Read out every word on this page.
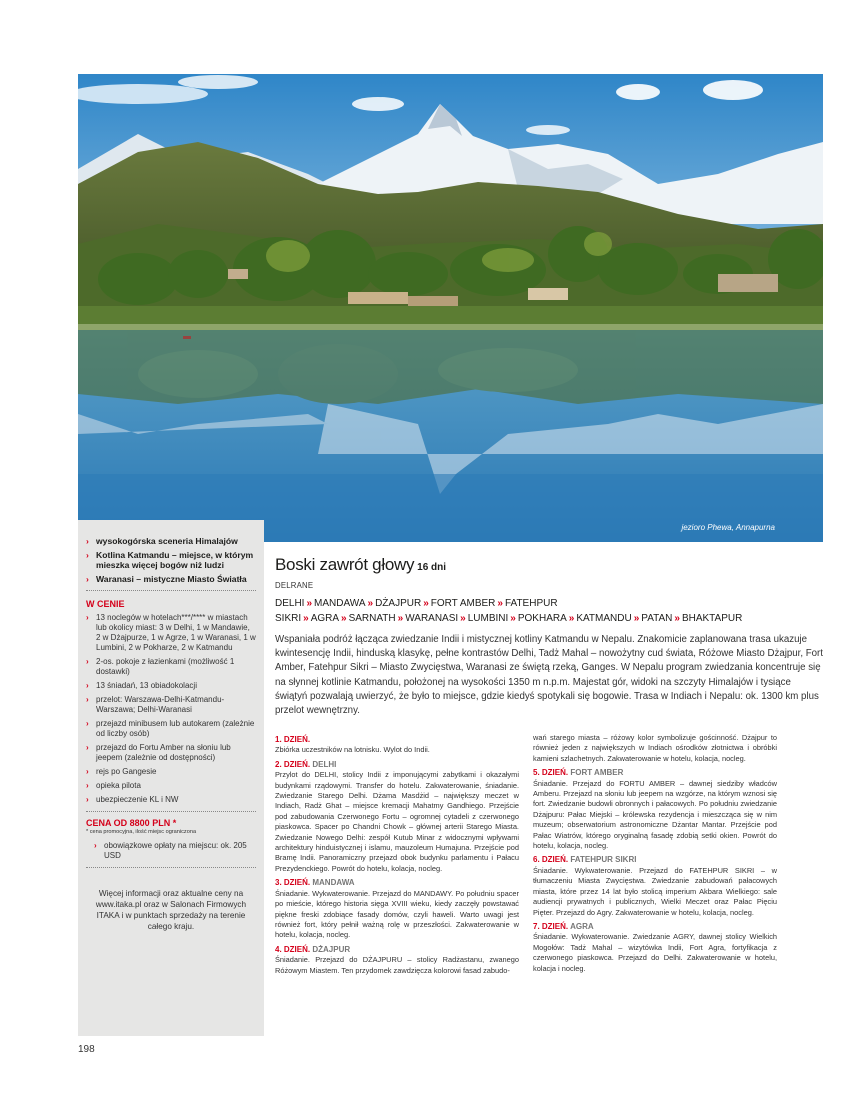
jezioro Phewa, Annapurna
› wysokogórska sceneria Himalajów
› Kotlina Katmandu – miejsce, w którym mieszka więcej bogów niż ludzi
› Waranasi – mistyczne Miasto Światła
W CENIE
› 13 noclegów w hotelach***/**** w miastach lub okolicy miast: 3 w Delhi, 1 w Mandawie, 2 w Dżajpurze, 1 w Agrze, 1 w Waranasi, 1 w Lumbini, 2 w Pokharze, 2 w Katmandu
› 2-os. pokoje z łazienkami (możliwość 1 dostawki)
› 13 śniadań, 13 obiadokolacji
› przelot: Warszawa-Delhi-Katmandu-Warszawa; Delhi-Waranasi
› przejazd minibusem lub autokarem (zależnie od liczby osób)
› przejazd do Fortu Amber na słoniu lub jeepem (zależnie od dostępności)
› rejs po Gangesie
› opieka pilota
› ubezpieczenie KL i NW
CENA OD 8800 PLN *
* cena promocyjna, ilość miejsc ograniczona
› obowiązkowe opłaty na miejscu: ok. 205 USD
Więcej informacji oraz aktualne ceny na www.itaka.pl oraz w Salonach Firmowych ITAKA i w punktach sprzedaży na terenie całego kraju.
Boski zawrót głowy 16 dni
DELRANE
DELHI » MANDAWA » DŻAJPUR » FORT AMBER » FATEHPUR SIKRI » AGRA » SARNATH » WARANASI » LUMBINI » POKHARA » KATMANDU » PATAN » BHAKTAPUR
Wspaniała podróż łącząca zwiedzanie Indii i mistycznej kotliny Katmandu w Nepalu. Znakomicie zaplanowana trasa ukazuje kwintesencję Indii, hinduską klasykę, pełne kontrastów Delhi, Tadż Mahal – nowożytny cud świata, Różowe Miasto Dżajpur, Fort Amber, Fatehpur Sikri – Miasto Zwycięstwa, Waranasi ze świętą rzeką, Ganges. W Nepalu program zwiedzania koncentruje się na słynnej kotlinie Katmandu, położonej na wysokości 1350 m n.p.m. Majestat gór, widoki na szczyty Himalajów i tysiące świątyń pozwalają uwierzyć, że było to miejsce, gdzie kiedyś spotykali się bogowie. Trasa w Indiach i Nepalu: ok. 1300 km plus przelot wewnętrzny.
1. DZIEŃ.

Zbiórka uczestników na lotnisku. Wylot do Indii.

2. DZIEŃ. DELHI

Przylot do DELHI, stolicy Indii z imponującymi zabytkami i okazałymi budynkami rządowymi. Transfer do hotelu. Zakwaterowanie, śniadanie. Zwiedzanie Starego Delhi. Dżama Masdżid – największy meczet w Indiach, Radż Ghat – miejsce kremacji Mahatmy Gandhiego. Przejście pod zabudowania Czerwonego Fortu – ogromnej cytadeli z czerwonego piaskowca. Spacer po Chandni Chowk – głównej arterii Starego Miasta. Zwiedzanie Nowego Delhi: zespół Kutub Minar z widocznymi wpływami architektury hinduistycznej i islamu, mauzoleum Humajuna. Przejście pod Bramę Indii. Panoramiczny przejazd obok budynku parlamentu i Pałacu Prezydenckiego. Powrót do hotelu, kolacja, nocleg.

3. DZIEŃ. MANDAWA

Śniadanie. Wykwaterowanie. Przejazd do MANDAWY. Po południu spacer po mieście, którego historia sięga XVIII wieku, kiedy zaczęły powstawać piękne freski zdobiące fasady domów, czyli haweli. Warto uwagi jest również fort, który pełnił ważną rolę w przeszłości. Zakwaterowanie w hotelu, kolacja, nocleg.

4. DZIEŃ. DŻAJPUR

Śniadanie. Przejazd do DŻAJPURU – stolicy Radżastanu, zwanego Różowym Miastem. Ten przydomek zawdzięcza kolorowi fasad zabudo-

wań starego miasta – różowy kolor symbolizuje gościnność. Dżajpur to również jeden z największych w Indiach ośrodków złotnictwa i obróbki kamieni szlachetnych. Zakwaterowanie w hotelu, kolacja, nocleg.

5. DZIEŃ. FORT AMBER

Śniadanie. Przejazd do FORTU AMBER – dawnej siedziby władców Amberu. Przejazd na słoniu lub jeepem na wzgórze, na którym wznosi się fort. Zwiedzanie budowli obronnych i pałacowych. Po południu zwiedzanie Dżajpuru: Pałac Miejski – królewska rezydencja i mieszcząca się w nim muzeum; obserwatorium astronomiczne Dżantar Mantar. Przejście pod Pałac Wiatrów, którego oryginalną fasadę zdobią setki okien. Powrót do hotelu, kolacja, nocleg.

6. DZIEŃ. FATEHPUR SIKRI

Śniadanie. Wykwaterowanie. Przejazd do FATEHPUR SIKRI – w tłumaczeniu Miasta Zwycięstwa. Zwiedzanie zabudowań pałacowych miasta, które przez 14 lat było stolicą imperium Akbara Wielkiego: sale audiencji prywatnych i publicznych, Wielki Meczet oraz Pałac Pięciu Pięter. Przejazd do Agry. Zakwaterowanie w hotelu, kolacja, nocleg.

7. DZIEŃ. AGRA

Śniadanie. Wykwaterowanie. Zwiedzanie AGRY, dawnej stolicy Wielkich Mogołów: Tadż Mahal – wizytówka Indii, Fort Agra, fortyfikacja z czerwonego piaskowca. Przejazd do Delhi. Zakwaterowanie w hotelu, kolacja i nocleg.

198
